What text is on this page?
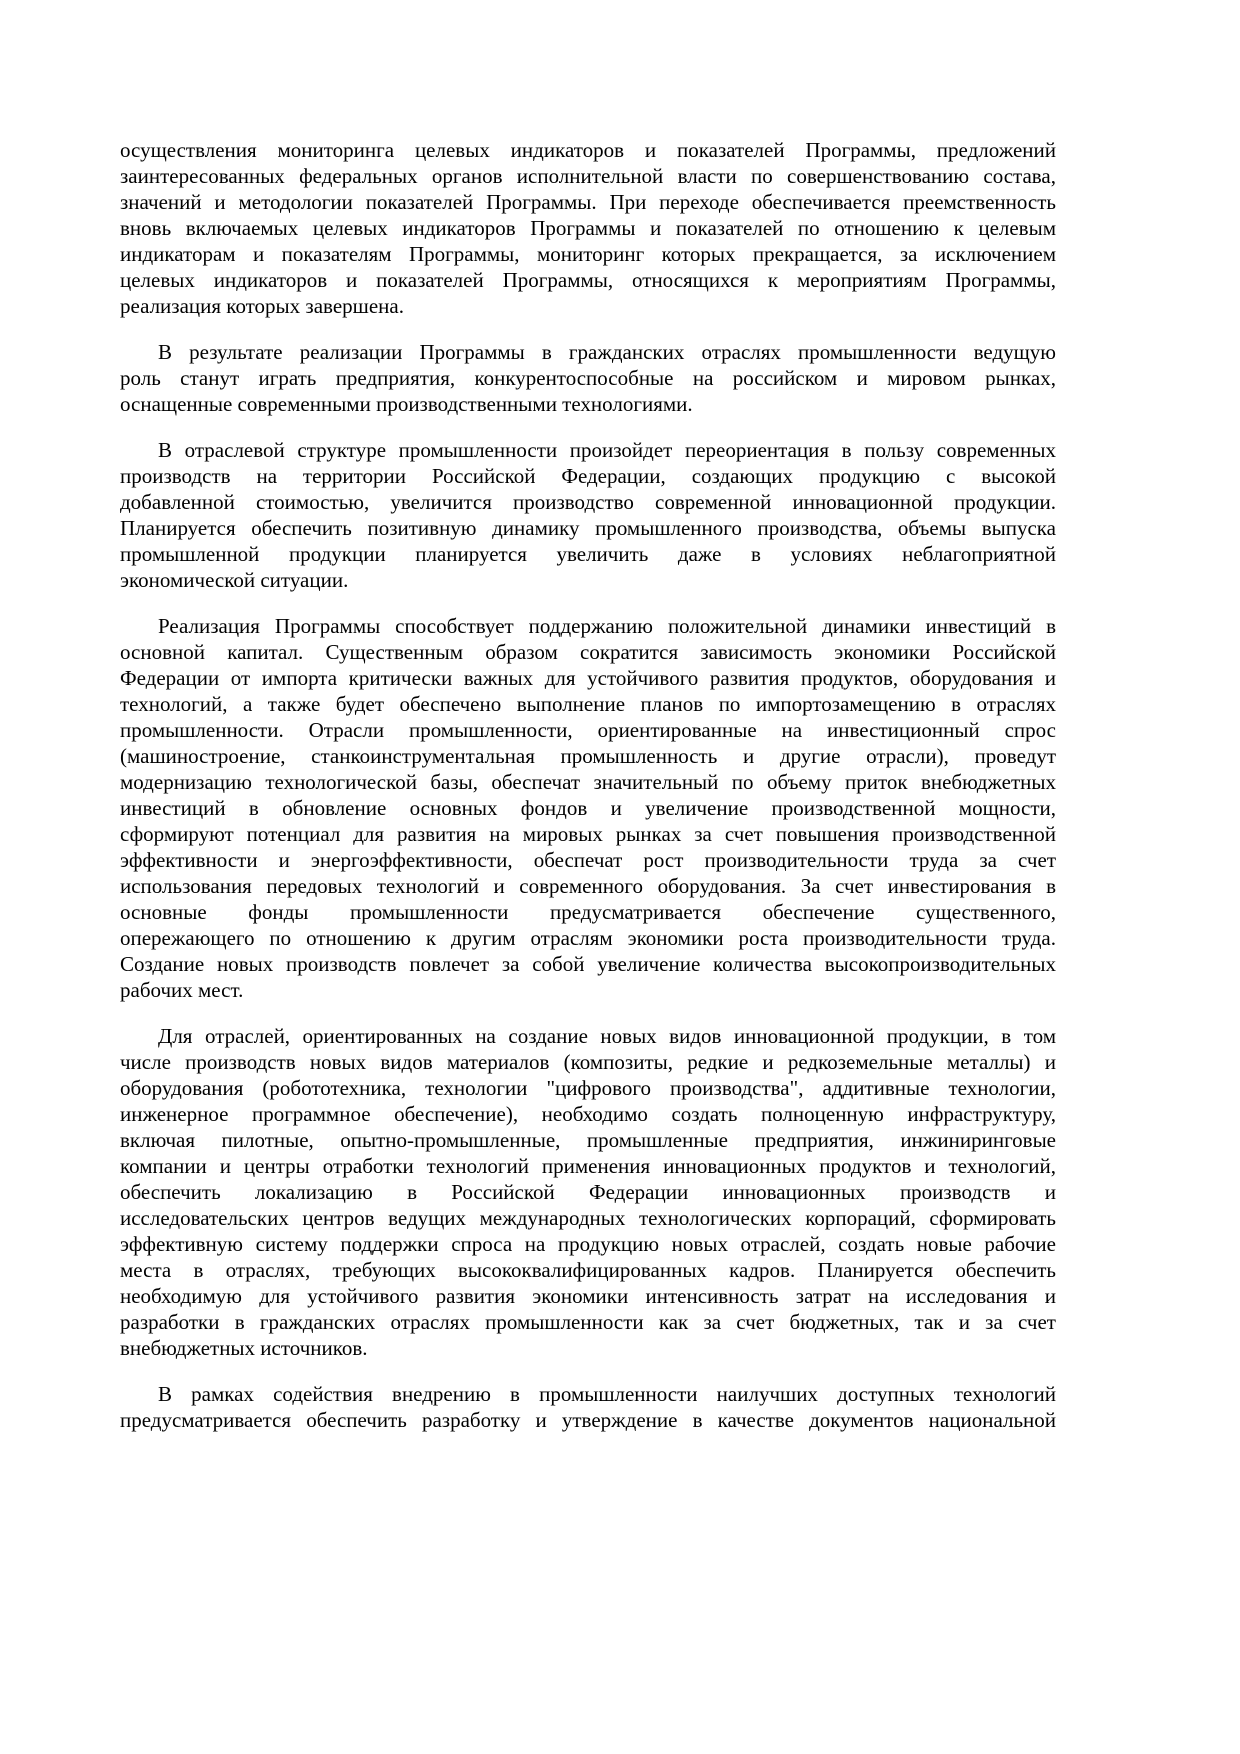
осуществления мониторинга целевых индикаторов и показателей Программы, предложений
заинтересованных федеральных органов исполнительной власти по совершенствованию состава,
значений и методологии показателей Программы. При переходе обеспечивается преемственность
вновь включаемых целевых индикаторов Программы и показателей по отношению к целевым
индикаторам и показателям Программы, мониторинг которых прекращается, за исключением
целевых индикаторов и показателей Программы, относящихся к мероприятиям Программы,
реализация которых завершена.
В результате реализации Программы в гражданских отраслях промышленности ведущую
роль станут играть предприятия, конкурентоспособные на российском и мировом рынках,
оснащенные современными производственными технологиями.
В отраслевой структуре промышленности произойдет переориентация в пользу современных
производств на территории Российской Федерации, создающих продукцию с высокой
добавленной стоимостью, увеличится производство современной инновационной продукции.
Планируется обеспечить позитивную динамику промышленного производства, объемы выпуска
промышленной продукции планируется увеличить даже в условиях неблагоприятной
экономической ситуации.
Реализация Программы способствует поддержанию положительной динамики инвестиций в
основной капитал. Существенным образом сократится зависимость экономики Российской
Федерации от импорта критически важных для устойчивого развития продуктов, оборудования и
технологий, а также будет обеспечено выполнение планов по импортозамещению в отраслях
промышленности. Отрасли промышленности, ориентированные на инвестиционный спрос
(машиностроение, станкоинструментальная промышленность и другие отрасли), проведут
модернизацию технологической базы, обеспечат значительный по объему приток внебюджетных
инвестиций в обновление основных фондов и увеличение производственной мощности,
сформируют потенциал для развития на мировых рынках за счет повышения производственной
эффективности и энергоэффективности, обеспечат рост производительности труда за счет
использования передовых технологий и современного оборудования. За счет инвестирования в
основные фонды промышленности предусматривается обеспечение существенного,
опережающего по отношению к другим отраслям экономики роста производительности труда.
Создание новых производств повлечет за собой увеличение количества высокопроизводительных
рабочих мест.
Для отраслей, ориентированных на создание новых видов инновационной продукции, в том
числе производств новых видов материалов (композиты, редкие и редкоземельные металлы) и
оборудования (робототехника, технологии "цифрового производства", аддитивные технологии,
инженерное программное обеспечение), необходимо создать полноценную инфраструктуру,
включая пилотные, опытно-промышленные, промышленные предприятия, инжиниринговые
компании и центры отработки технологий применения инновационных продуктов и технологий,
обеспечить локализацию в Российской Федерации инновационных производств и
исследовательских центров ведущих международных технологических корпораций, сформировать
эффективную систему поддержки спроса на продукцию новых отраслей, создать новые рабочие
места в отраслях, требующих высококвалифицированных кадров. Планируется обеспечить
необходимую для устойчивого развития экономики интенсивность затрат на исследования и
разработки в гражданских отраслях промышленности как за счет бюджетных, так и за счет
внебюджетных источников.
В рамках содействия внедрению в промышленности наилучших доступных технологий
предусматривается обеспечить разработку и утверждение в качестве документов национальной
